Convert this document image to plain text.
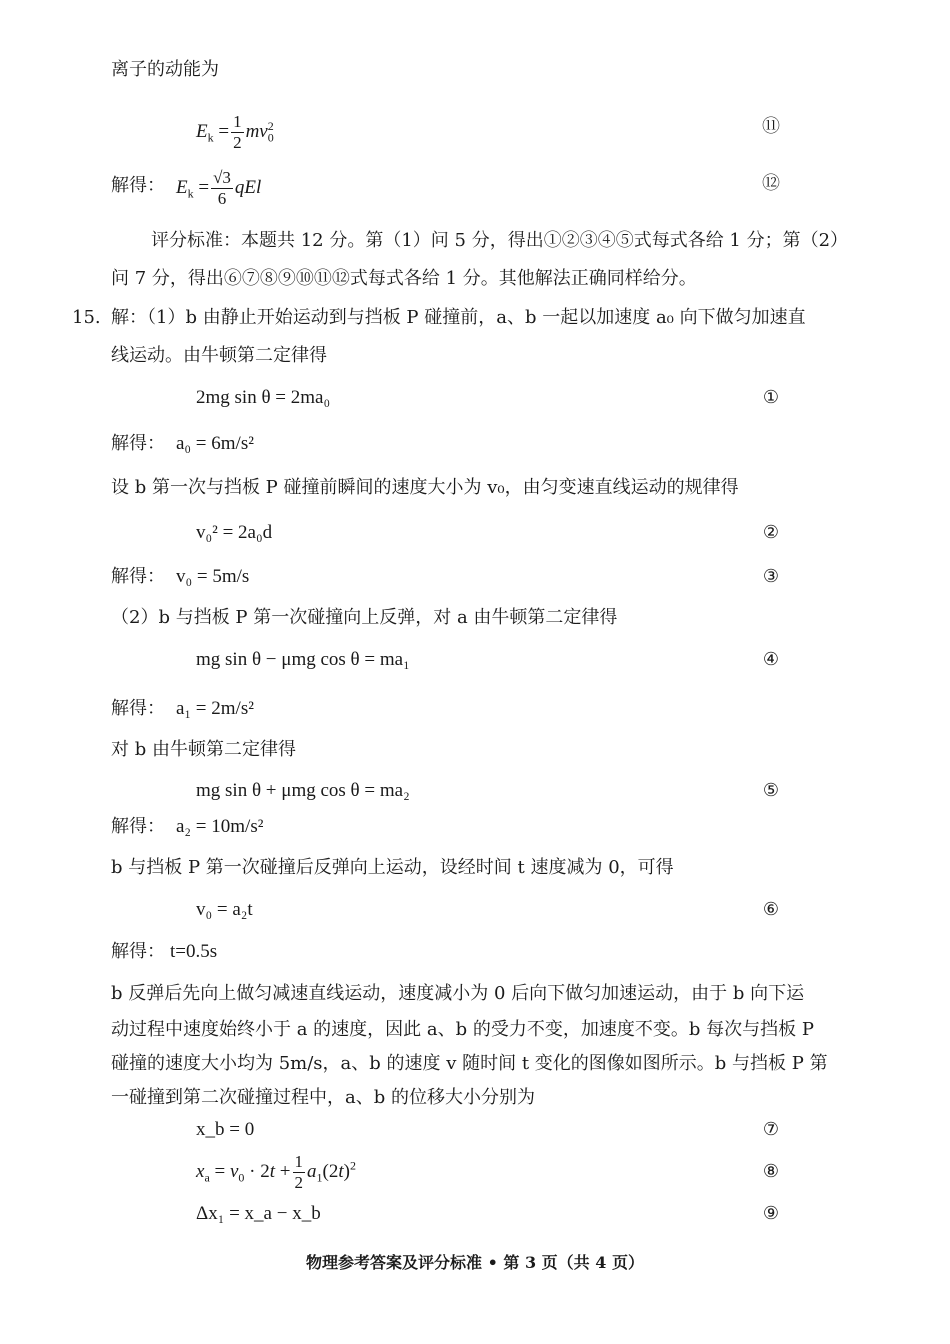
离子的动能为
$E_k = \frac{1}{2} mv_0^2$	⑪
解得： $E_k = \frac{√3}{6}$ qEl	⑫
评分标准：本题共 12 分。第（1）问 5 分，得出①②③④⑤式每式各给 1 分；第（2）
问 7 分，得出⑥⑦⑧⑨⑩⑪⑫式每式各给 1 分。其他解法正确同样给分。
15. 解：（1）b 由静止开始运动到与挡板 P 碰撞前，a、b 一起以加速度 a₀ 向下做匀加速直
线运动。由牛顿第二定律得
2mg sin θ = 2ma₀	①
解得： a₀ = 6m/s²
设 b 第一次与挡板 P 碰撞前瞬间的速度大小为 v₀，由匀变速直线运动的规律得
v₀² = 2a₀d	②
解得： v₀ = 5m/s	③
（2）b 与挡板 P 第一次碰撞向上反弹，对 a 由牛顿第二定律得
mg sin θ − μmg cos θ = ma₁	④
解得： a₁ = 2m/s²
对 b 由牛顿第二定律得
mg sin θ + μmg cos θ = ma₂	⑤
解得： a₂ = 10m/s²
b 与挡板 P 第一次碰撞后反弹向上运动，设经时间 t 速度减为 0，可得
v₀ = a₂t	⑥
解得： t=0.5s
b 反弹后先向上做匀减速直线运动，速度减小为 0 后向下做匀加速运动，由于 b 向下运
动过程中速度始终小于 a 的速度，因此 a、b 的受力不变，加速度不变。b 每次与挡板 P
碰撞的速度大小均为 5m/s，a、b 的速度 v 随时间 t 变化的图像如图所示。b 与挡板 P 第
一碰撞到第二次碰撞过程中，a、b 的位移大小分别为
x_b = 0	⑦
$x_a = v_0 \cdot 2t + \frac{1}{2} a_1(2t)^2$	⑧
Δx₁ = x_a − x_b	⑨
物理参考答案及评分标准 • 第 3 页（共 4 页）
